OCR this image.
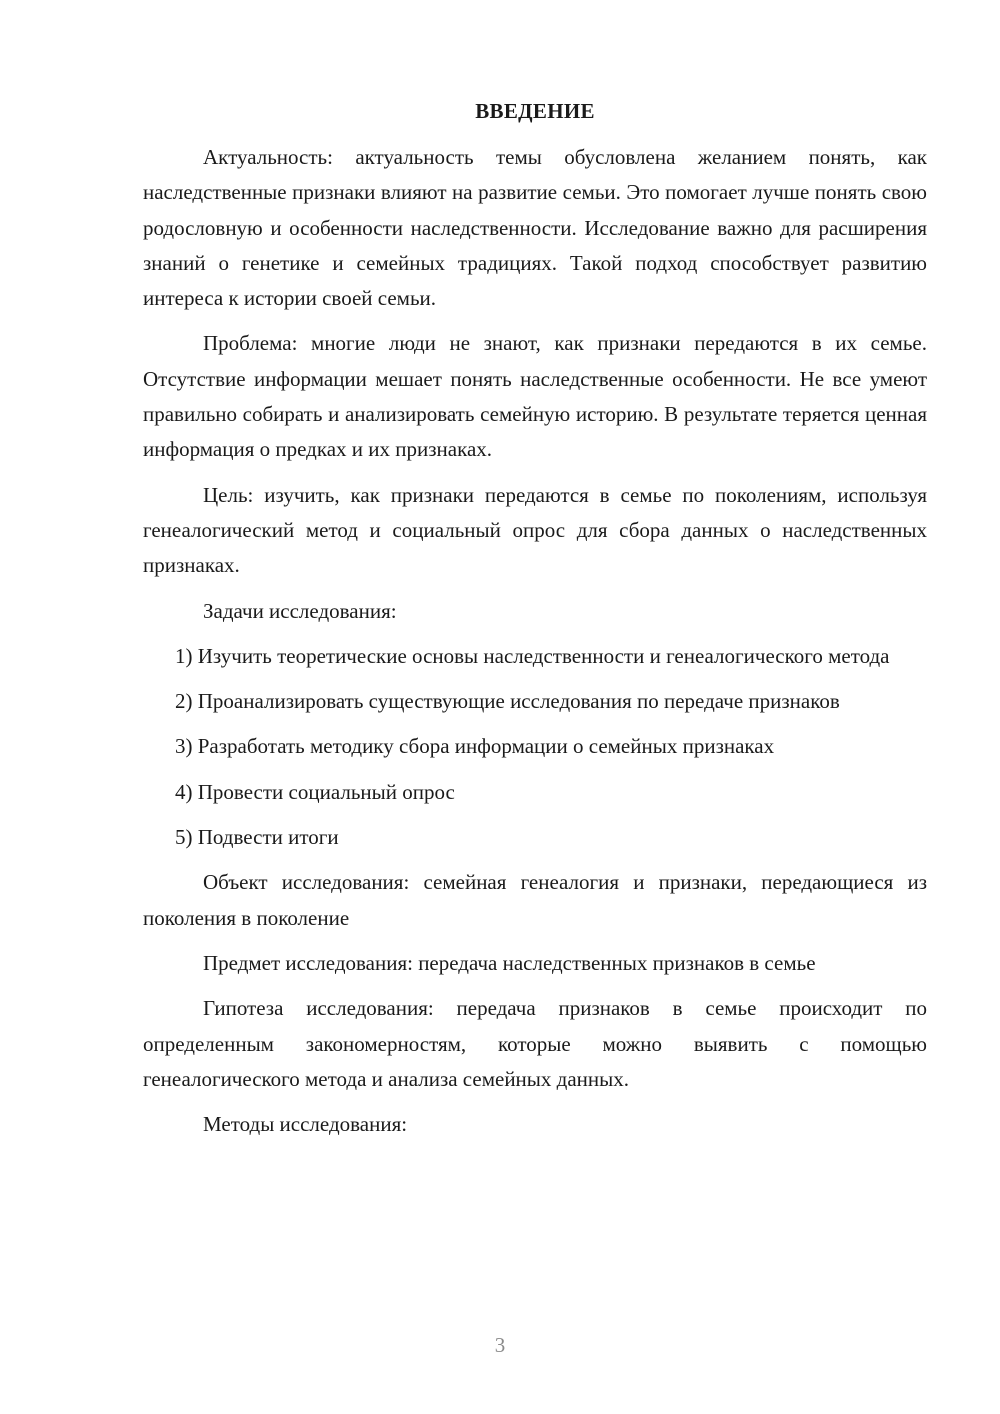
ВВЕДЕНИЕ

Актуальность: актуальность темы обусловлена желанием понять, как наследственные признаки влияют на развитие семьи. Это помогает лучше понять свою родословную и особенности наследственности. Исследование важно для расширения знаний о генетике и семейных традициях. Такой подход способствует развитию интереса к истории своей семьи.

Проблема: многие люди не знают, как признаки передаются в их семье. Отсутствие информации мешает понять наследственные особенности. Не все умеют правильно собирать и анализировать семейную историю. В результате теряется ценная информация о предках и их признаках.

Цель: изучить, как признаки передаются в семье по поколениям, используя генеалогический метод и социальный опрос для сбора данных о наследственных признаках.

Задачи исследования:

1) Изучить теоретические основы наследственности и генеалогического метода

2) Проанализировать существующие исследования по передаче признаков

3) Разработать методику сбора информации о семейных признаках

4) Провести социальный опрос

5) Подвести итоги

Объект исследования: семейная генеалогия и признаки, передающиеся из поколения в поколение

Предмет исследования: передача наследственных признаков в семье

Гипотеза исследования: передача признаков в семье происходит по определенным закономерностям, которые можно выявить с помощью генеалогического метода и анализа семейных данных.

Методы исследования:

3
